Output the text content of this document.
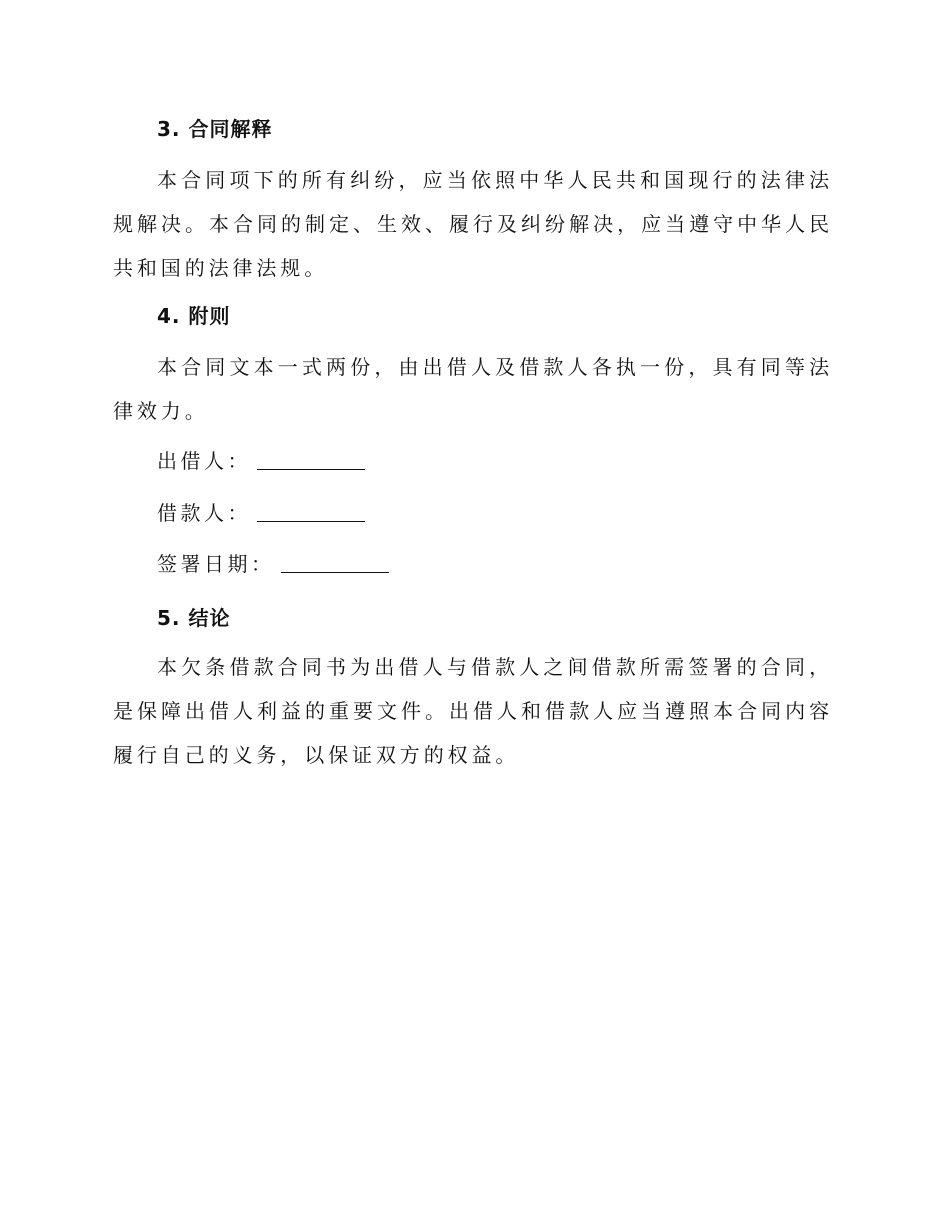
3. 合同解释

本合同项下的所有纠纷，应当依照中华人民共和国现行的法律法规解决。本合同的制定、生效、履行及纠纷解决，应当遵守中华人民共和国的法律法规。

4. 附则

本合同文本一式两份，由出借人及借款人各执一份，具有同等法律效力。

出借人：
借款人：
签署日期：
5. 结论

本欠条借款合同书为出借人与借款人之间借款所需签署的合同，是保障出借人利益的重要文件。出借人和借款人应当遵照本合同内容履行自己的义务，以保证双方的权益。
